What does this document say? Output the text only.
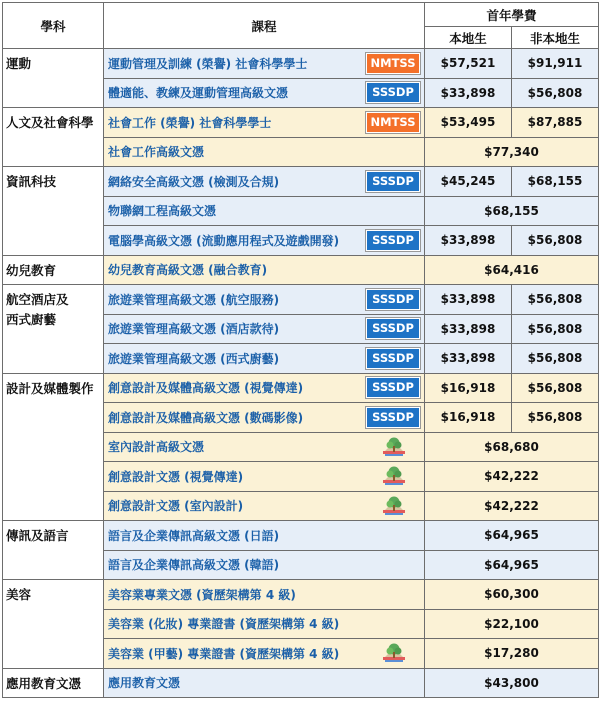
學科	課程	首年學費	
		本地生	非本地生
運動	運動管理及訓練 (榮譽) 社會科學學士 NMTSS	$57,521	$91,911

	體適能、教練及運動管理高級文憑 SSSDP	$33,898	$56,808
人文及社會科學	社會工作 (榮譽) 社會科學學士 NMTSS	$53,495	$87,885

	社會工作高級文憑	$77,340	
資訊科技	網絡安全高級文憑 (檢測及合規) SSSDP	$45,245	$68,155

	物聯網工程高級文憑	$68,155	

	電腦學高級文憑 (流動應用程式及遊戲開發) SSSDP	$33,898	$56,808
幼兒教育	幼兒教育高級文憑 (融合教育)	$64,416	
航空酒店及
西式廚藝	旅遊業管理高級文憑 (航空服務) SSSDP	$33,898	$56,808

	旅遊業管理高級文憑 (酒店款待) SSSDP	$33,898	$56,808

	旅遊業管理高級文憑 (西式廚藝) SSSDP	$33,898	$56,808
設計及媒體製作	創意設計及媒體高級文憑 (視覺傳達) SSSDP	$16,918	$56,808

	創意設計及媒體高級文憑 (數碼影像) SSSDP	$16,918	$56,808

	室內設計高級文憑	$68,680	

	創意設計文憑 (視覺傳達)	$42,222	

	創意設計文憑 (室內設計)	$42,222	
傳訊及語言	語言及企業傳訊高級文憑 (日語)	$64,965	

	語言及企業傳訊高級文憑 (韓語)	$64,965	
美容	美容業專業文憑 (資歷架構第 4 級)	$60,300	

	美容業 (化妝) 專業證書 (資歷架構第 4 級)	$22,100	

	美容業 (甲藝) 專業證書 (資歷架構第 4 級)	$17,280	
應用教育文憑	應用教育文憑	$43,800	
